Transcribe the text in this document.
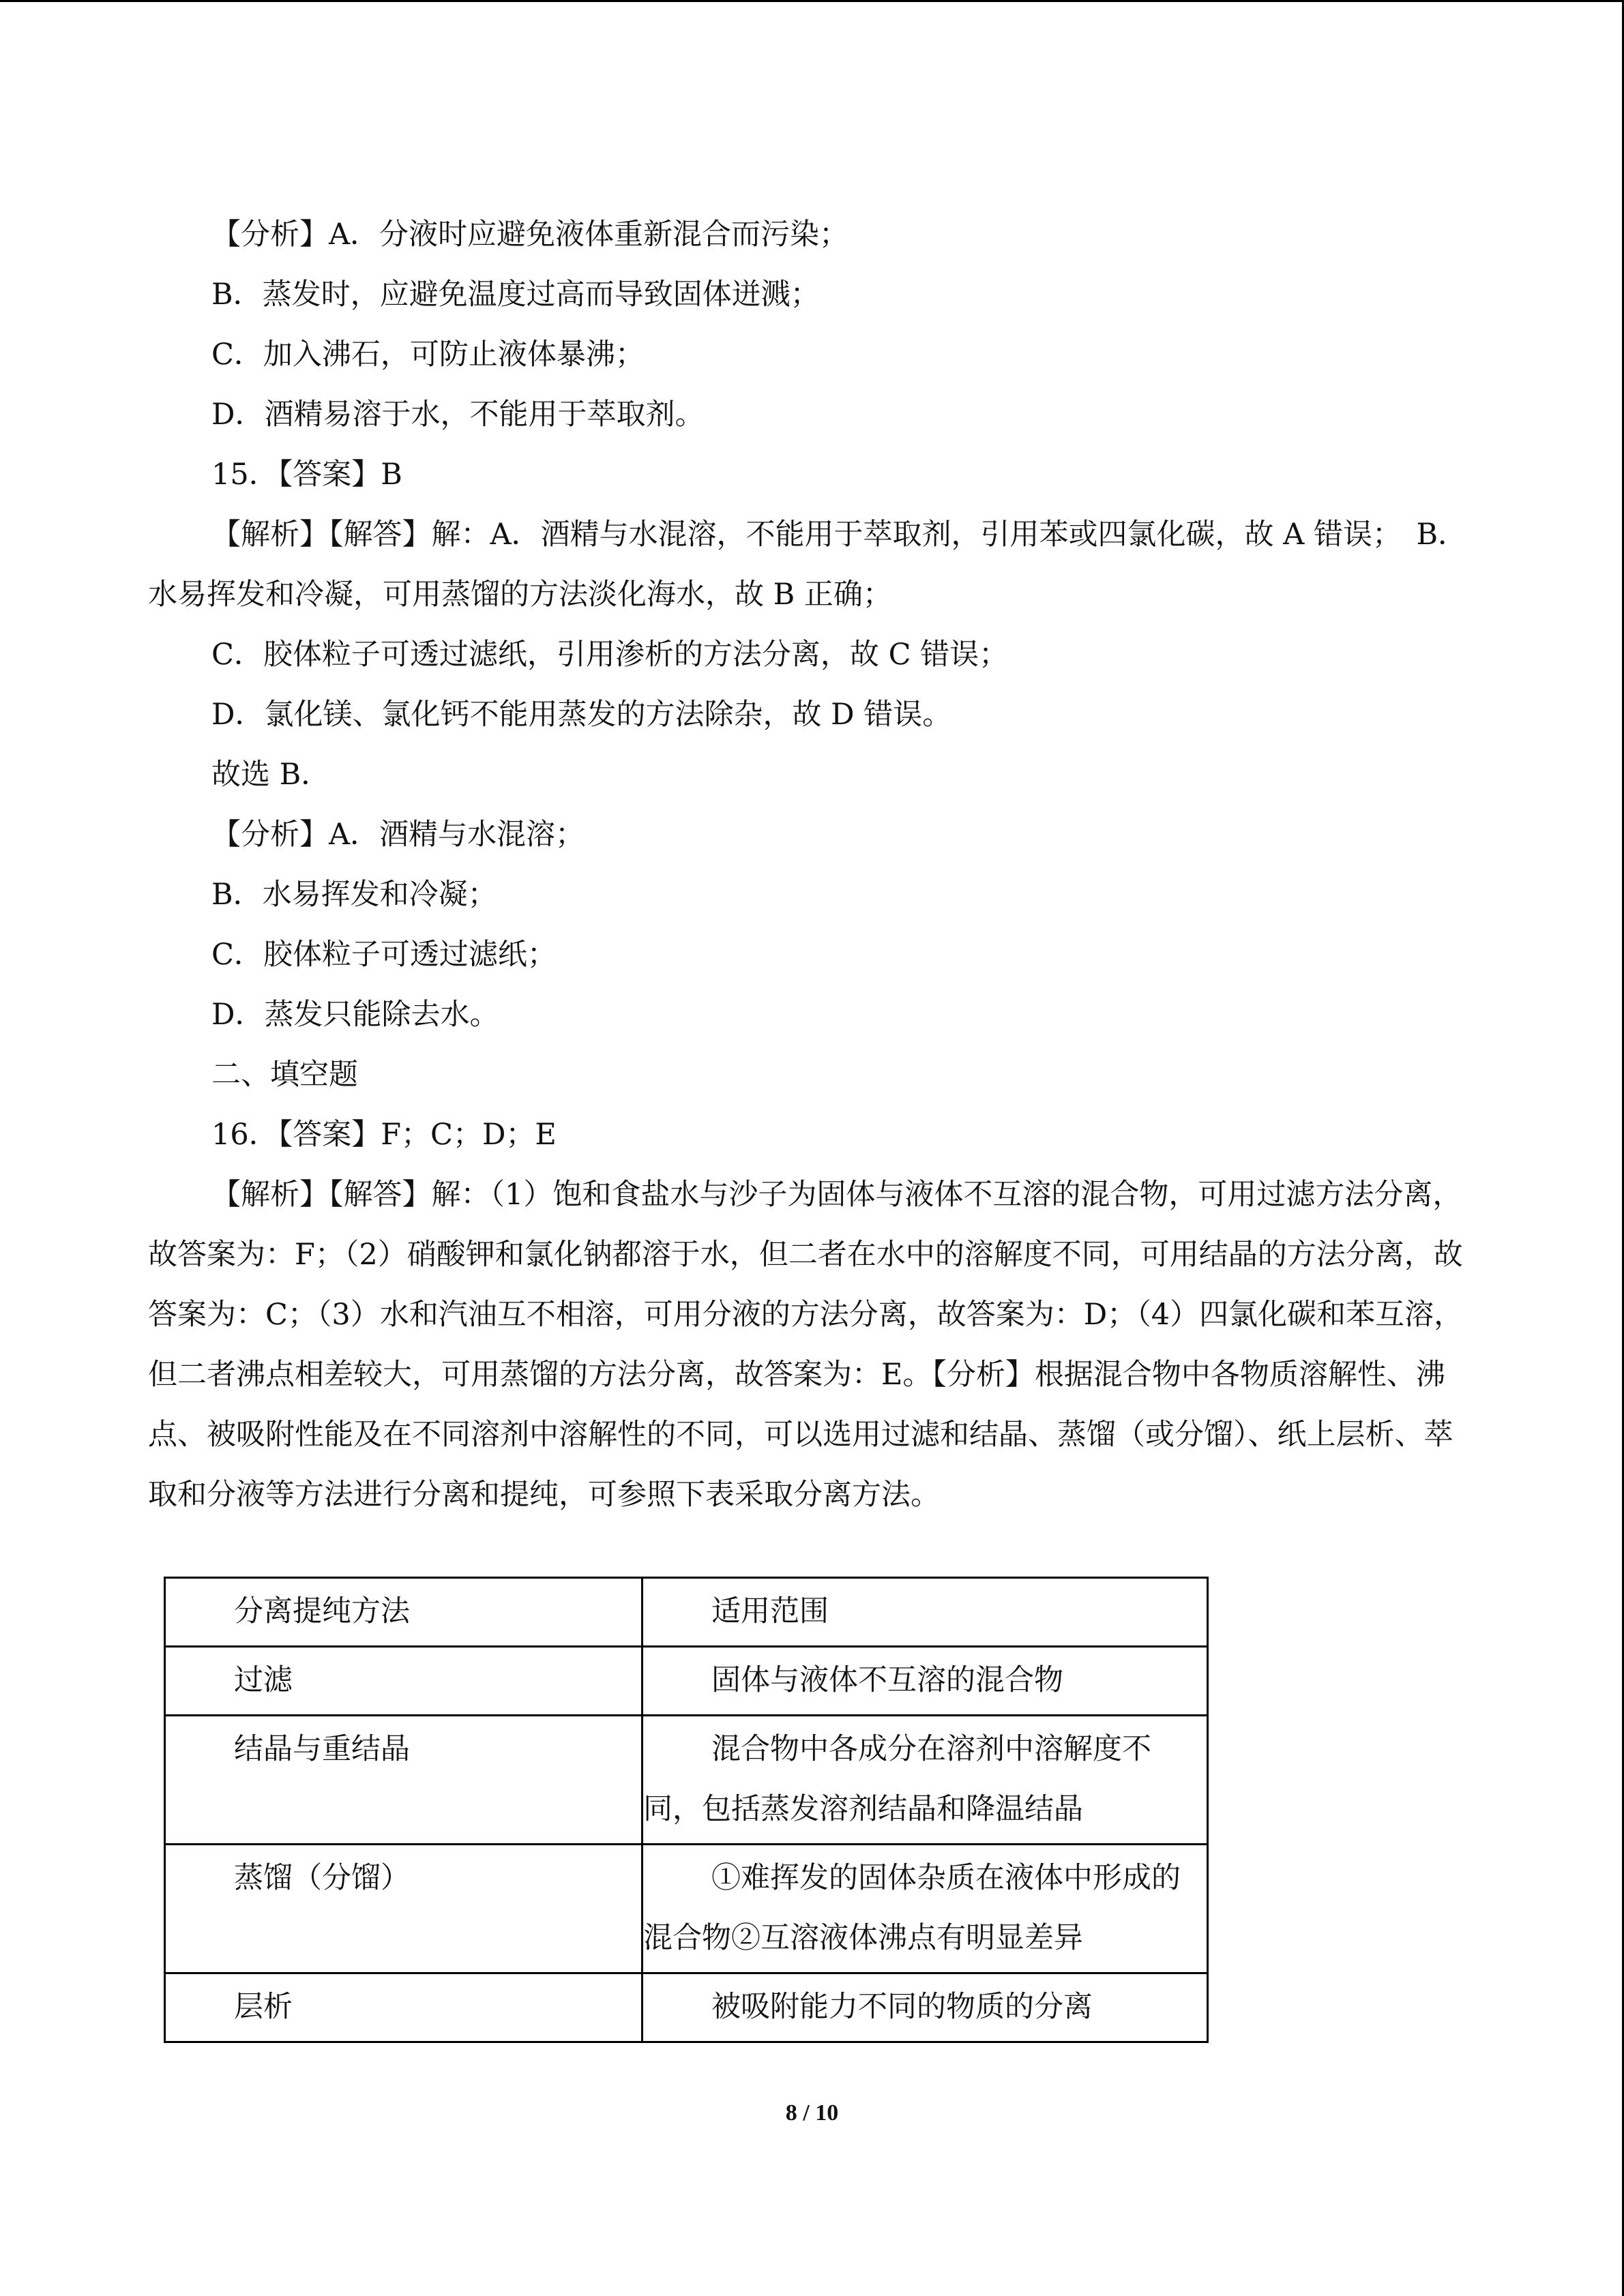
【分析】A．分液时应避免液体重新混合而污染；

B．蒸发时，应避免温度过高而导致固体迸溅；

C．加入沸石，可防止液体暴沸；

D．酒精易溶于水，不能用于萃取剂。

15．【答案】B

【解析】【解答】解：A．酒精与水混溶，不能用于萃取剂，引用苯或四氯化碳，故 A 错误；　B．水易挥发和冷凝，可用蒸馏的方法淡化海水，故 B 正确；

C．胶体粒子可透过滤纸，引用渗析的方法分离，故 C 错误；

D．氯化镁、氯化钙不能用蒸发的方法除杂，故 D 错误。

故选 B．

【分析】A．酒精与水混溶；

B．水易挥发和冷凝；

C．胶体粒子可透过滤纸；

D．蒸发只能除去水。

二、填空题

16．【答案】F；C；D；E

【解析】【解答】解：（1）饱和食盐水与沙子为固体与液体不互溶的混合物，可用过滤方法分离，故答案为：F；（2）硝酸钾和氯化钠都溶于水，但二者在水中的溶解度不同，可用结晶的方法分离，故答案为：C；（3）水和汽油互不相溶，可用分液的方法分离，故答案为：D；（4）四氯化碳和苯互溶，但二者沸点相差较大，可用蒸馏的方法分离，故答案为：E。【分析】根据混合物中各物质溶解性、沸点、被吸附性能及在不同溶剂中溶解性的不同，可以选用过滤和结晶、蒸馏（或分馏）、纸上层析、萃取和分液等方法进行分离和提纯，可参照下表采取分离方法。

分离提纯方法	适用范围

过滤	固体与液体不互溶的混合物

结晶与重结晶	混合物中各成分在溶剂中溶解度不同，包括蒸发溶剂结晶和降温结晶

蒸馏（分馏）	①难挥发的固体杂质在液体中形成的混合物②互溶液体沸点有明显差异

层析	被吸附能力不同的物质的分离
8 / 10
